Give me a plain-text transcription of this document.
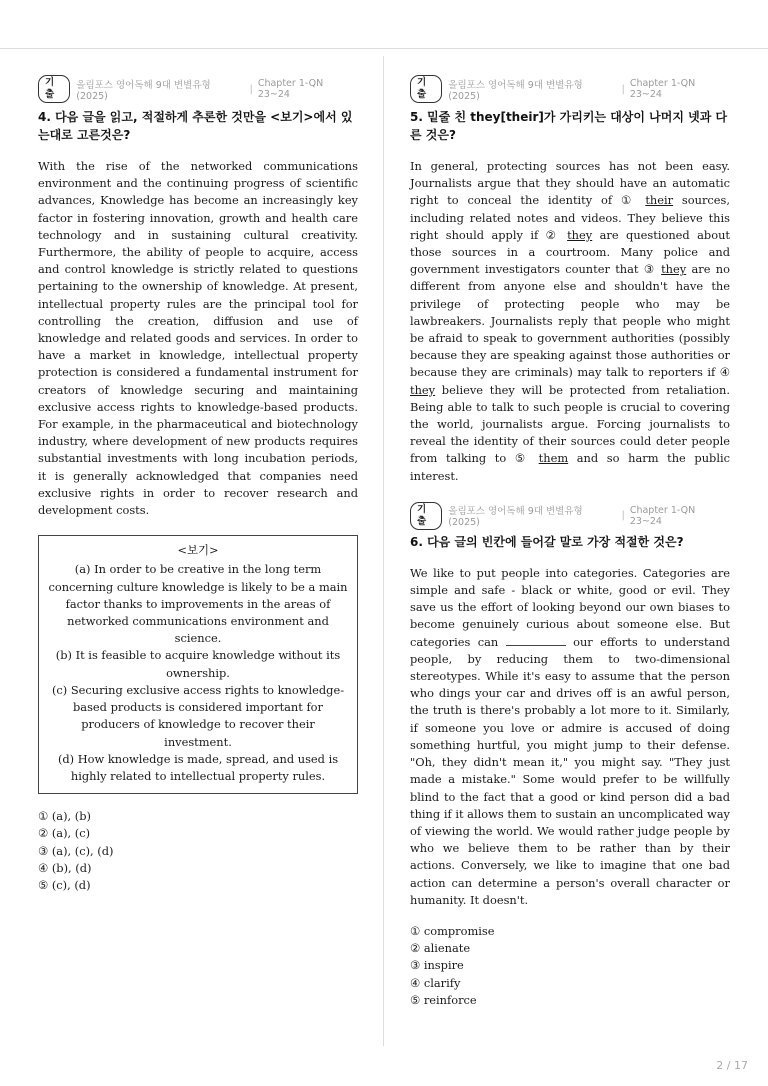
기출
올림포스 영어독해 9대 변별유형 (2025)
| Chapter 1-QN 23~24
4. 다음 글을 읽고, 적절하게 추론한 것만을 <보기>에서 있는대로 고른것은?

With the rise of the networked communications environment and the continuing progress of scientific advances, Knowledge has become an increasingly key factor in fostering innovation, growth and health care technology and in sustaining cultural creativity. Furthermore, the ability of people to acquire, access and control knowledge is strictly related to questions pertaining to the ownership of knowledge. At present, intellectual property rules are the principal tool for controlling the creation, diffusion and use of knowledge and related goods and services. In order to have a market in knowledge, intellectual property protection is considered a fundamental instrument for creators of knowledge securing and maintaining exclusive access rights to knowledge-based products. For example, in the pharmaceutical and biotechnology industry, where development of new products requires substantial investments with long incubation periods, it is generally acknowledged that companies need exclusive rights in order to recover research and development costs.

<보기>
(a) In order to be creative in the long term concerning culture knowledge is likely to be a main factor thanks to improvements in the areas of networked communications environment and science.
(b) It is feasible to acquire knowledge without its ownership.
(c) Securing exclusive access rights to knowledge-based products is considered important for producers of knowledge to recover their investment.
(d) How knowledge is made, spread, and used is highly related to intellectual property rules.
① (a), (b)
② (a), (c)
③ (a), (c), (d)
④ (b), (d)
⑤ (c), (d)
기출
올림포스 영어독해 9대 변별유형 (2025)
| Chapter 1-QN 23~24
5. 밑줄 친 they[their]가 가리키는 대상이 나머지 넷과 다른 것은?

In general, protecting sources has not been easy. Journalists argue that they should have an automatic right to conceal the identity of ① their sources, including related notes and videos. They believe this right should apply if ② they are questioned about those sources in a courtroom. Many police and government investigators counter that ③ they are no different from anyone else and shouldn't have the privilege of protecting people who may be lawbreakers. Journalists reply that people who might be afraid to speak to government authorities (possibly because they are speaking against those authorities or because they are criminals) may talk to reporters if ④ they believe they will be protected from retaliation. Being able to talk to such people is crucial to covering the world, journalists argue. Forcing journalists to reveal the identity of their sources could deter people from talking to ⑤ them and so harm the public interest.

기출
올림포스 영어독해 9대 변별유형 (2025)
| Chapter 1-QN 23~24
6. 다음 글의 빈칸에 들어갈 말로 가장 적절한 것은?

We like to put people into categories. Categories are simple and safe - black or white, good or evil. They save us the effort of looking beyond our own biases to become genuinely curious about someone else. But categories can	our efforts to understand people, by reducing them to two-dimensional stereotypes. While it's easy to assume that the person who dings your car and drives off is an awful person, the truth is there's probably a lot more to it. Similarly, if someone you love or admire is accused of doing something hurtful, you might jump to their defense. "Oh, they didn't mean it," you might say. "They just made a mistake." Some would prefer to be willfully blind to the fact that a good or kind person did a bad thing if it allows them to sustain an uncomplicated way of viewing the world. We would rather judge people by who we believe them to be rather than by their actions. Conversely, we like to imagine that one bad action can determine a person's overall character or humanity. It doesn't.

① compromise
② alienate
③ inspire
④ clarify
⑤ reinforce
2 / 17
